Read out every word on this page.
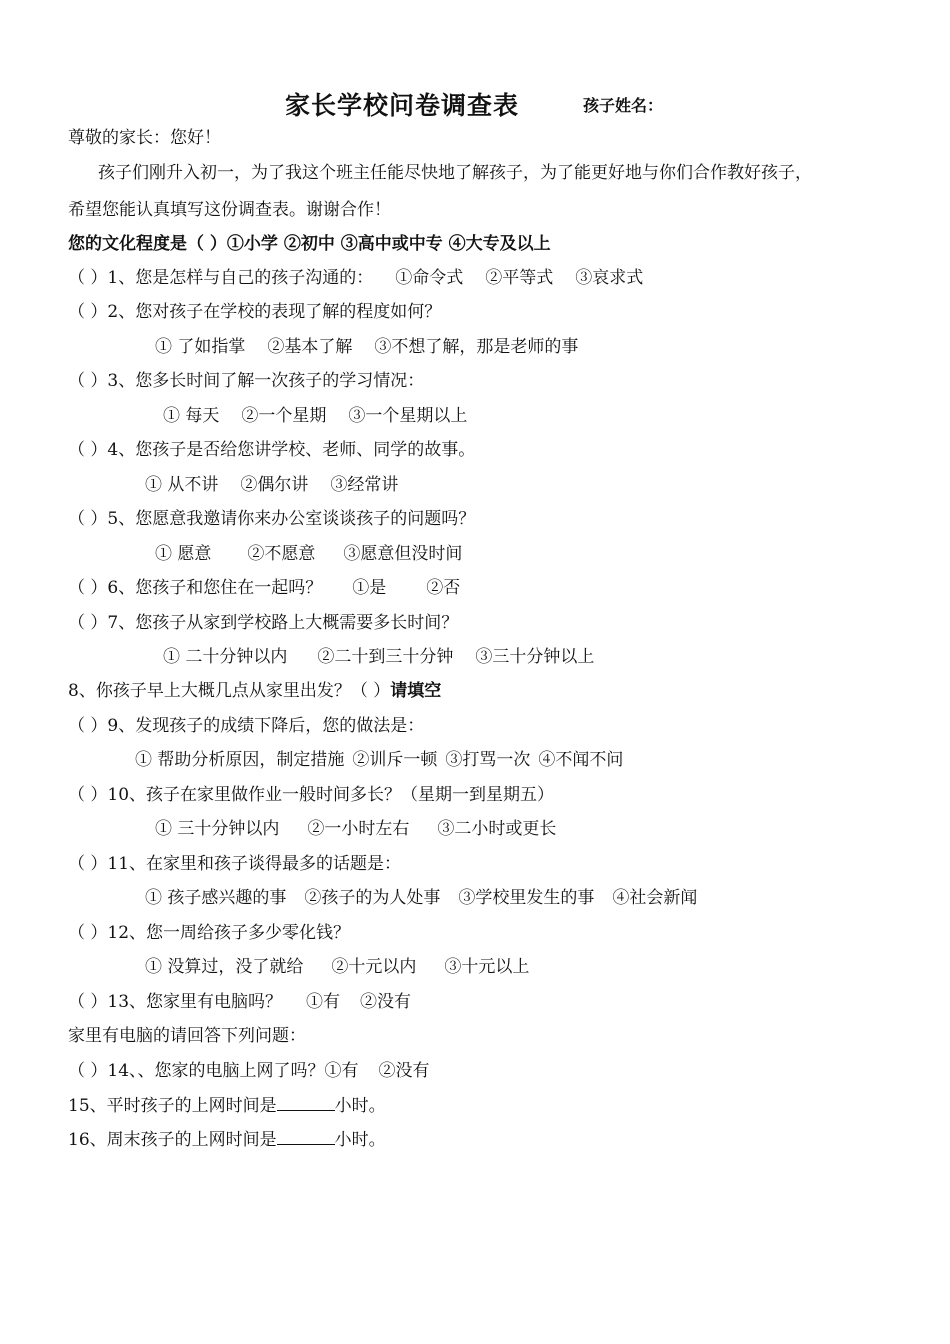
家长学校问卷调查表	孩子姓名：
尊敬的家长：您好！
孩子们刚升入初一，为了我这个班主任能尽快地了解孩子，为了能更好地与你们合作教好孩子，
希望您能认真填写这份调查表。谢谢合作！
您的文化程度是（ ）①小学 ②初中 ③高中或中专 ④大专及以上
（ ）1、您是怎样与自己的孩子沟通的： ①命令式 ②平等式 ③哀求式
（ ）2、您对孩子在学校的表现了解的程度如何？
① 了如指掌 ②基本了解 ③不想了解，那是老师的事
（ ）3、您多长时间了解一次孩子的学习情况：
① 每天 ②一个星期 ③一个星期以上
（ ）4、您孩子是否给您讲学校、老师、同学的故事。
① 从不讲 ②偶尔讲 ③经常讲
（ ）5、您愿意我邀请你来办公室谈谈孩子的问题吗？
① 愿意 ②不愿意 ③愿意但没时间
（ ）6、您孩子和您住在一起吗？ ①是 ②否
（ ）7、您孩子从家到学校路上大概需要多长时间？
① 二十分钟以内 ②二十到三十分钟 ③三十分钟以上
8、你孩子早上大概几点从家里出发？（ ）请填空
（ ）9、发现孩子的成绩下降后，您的做法是：
① 帮助分析原因，制定措施 ②训斥一顿 ③打骂一次 ④不闻不问
（ ）10、孩子在家里做作业一般时间多长？（星期一到星期五）
① 三十分钟以内 ②一小时左右 ③二小时或更长
（ ）11、在家里和孩子谈得最多的话题是：
① 孩子感兴趣的事 ②孩子的为人处事 ③学校里发生的事 ④社会新闻
（ ）12、您一周给孩子多少零化钱？
① 没算过，没了就给 ②十元以内 ③十元以上
（ ）13、您家里有电脑吗？ ①有 ②没有
家里有电脑的请回答下列问题：
（ ）14、、您家的电脑上网了吗？①有 ②没有
15、平时孩子的上网时间是	小时。
16、周末孩子的上网时间是	小时。
